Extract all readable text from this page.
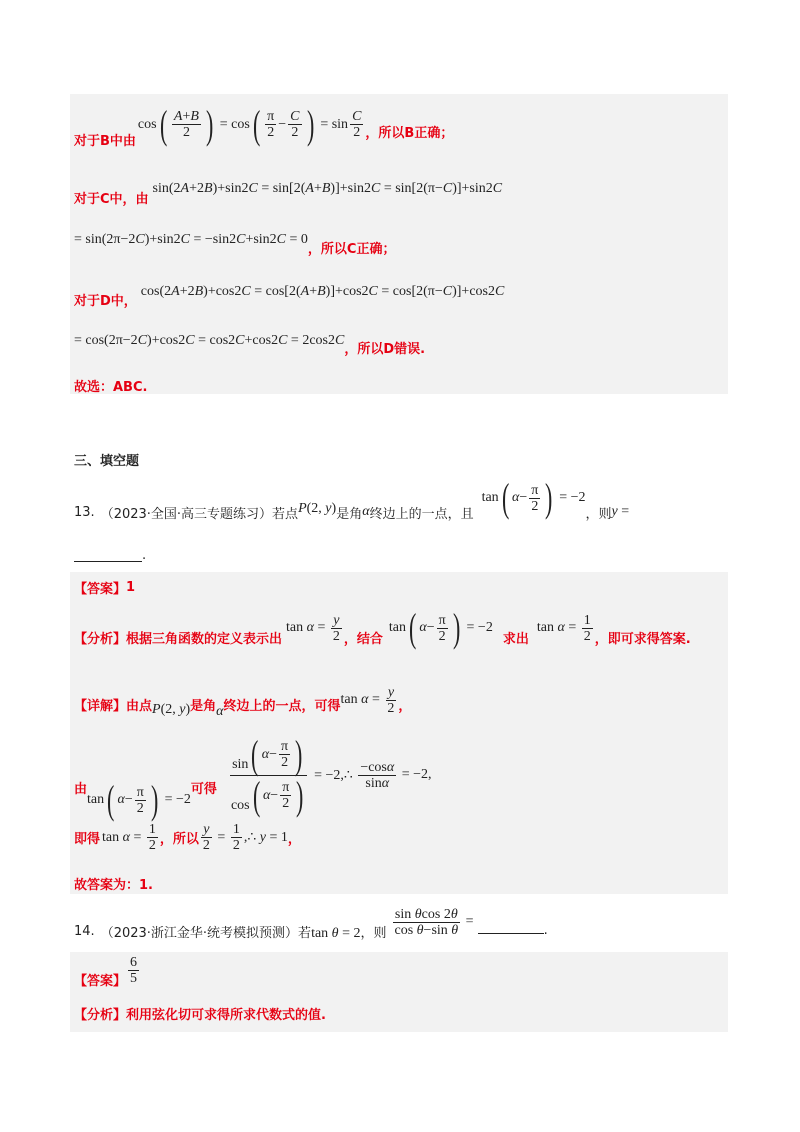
对于B中由
cos ( $\frac{A+B}{2}$ ) = cos ( $\frac{\pi}{2} - \frac{C}{2}$ ) = $\sin \frac{C}{2}$ ，所以B正确；
对于C中，由
sin(2 A +2 B )+sin2 C = sin[2( A + B )]+sin2 C = sin[2(π− C )]+sin2 C
= sin(2π−2 C )+sin2 C = −sin2 C +sin2 C = 0
，所以C正确；
对于D中，
cos(2 A +2 B )+cos2 C = cos[2( A + B )]+cos2 C = cos[2(π− C )]+cos2 C
= cos(2π−2 C )+cos2 C = cos2 C +cos2 C = 2cos2 C
，所以D错误.
故选：ABC.
三、填空题
13. （2023·全国·高三专题练习） 若点 P (2, y ) 是角 α 终边上的一点，且
tan ( $\alpha - \frac{\pi}{2}$ ) = −2
，则 y =
.
【答案】 1
【分析】 根据三角函数的定义表示出
$\tan \alpha = \frac{y}{2}$ ，结合
tan ( $\alpha - \frac{\pi}{2}$ ) = −2
求出
$\tan \alpha = \frac{1}{2}$ ，即可求得答案.
【详解】 由点 P (2, y ) 是角 α 终边上的一点，可得 $\tan \alpha = \frac{y}{2}$ ，
由
tan ( $\alpha - \frac{\pi}{2}$ ) = −2
可得 $\frac{\sin ( \alpha - \frac{\pi}{2} )}{\cos ( \alpha - \frac{\pi}{2} )}$ = −2,∴ $\frac{-\cos\alpha}{\sin\alpha} = -2$,
即得 $\tan \alpha = \frac{1}{2}$ ，所以 $\frac{y}{2} = \frac{1}{2}$ ,∴ y = 1 ，
故答案为：1.
14. （2023·浙江金华·统考模拟预测） 若 tan θ = 2 ，则 $\frac{\text{sin θcos 2θ}}{\text{cos θ−sin θ}}$ =
.
【答案】 $\frac{6}{5}$
【分析】 利用弦化切可求得所求代数式的值.
